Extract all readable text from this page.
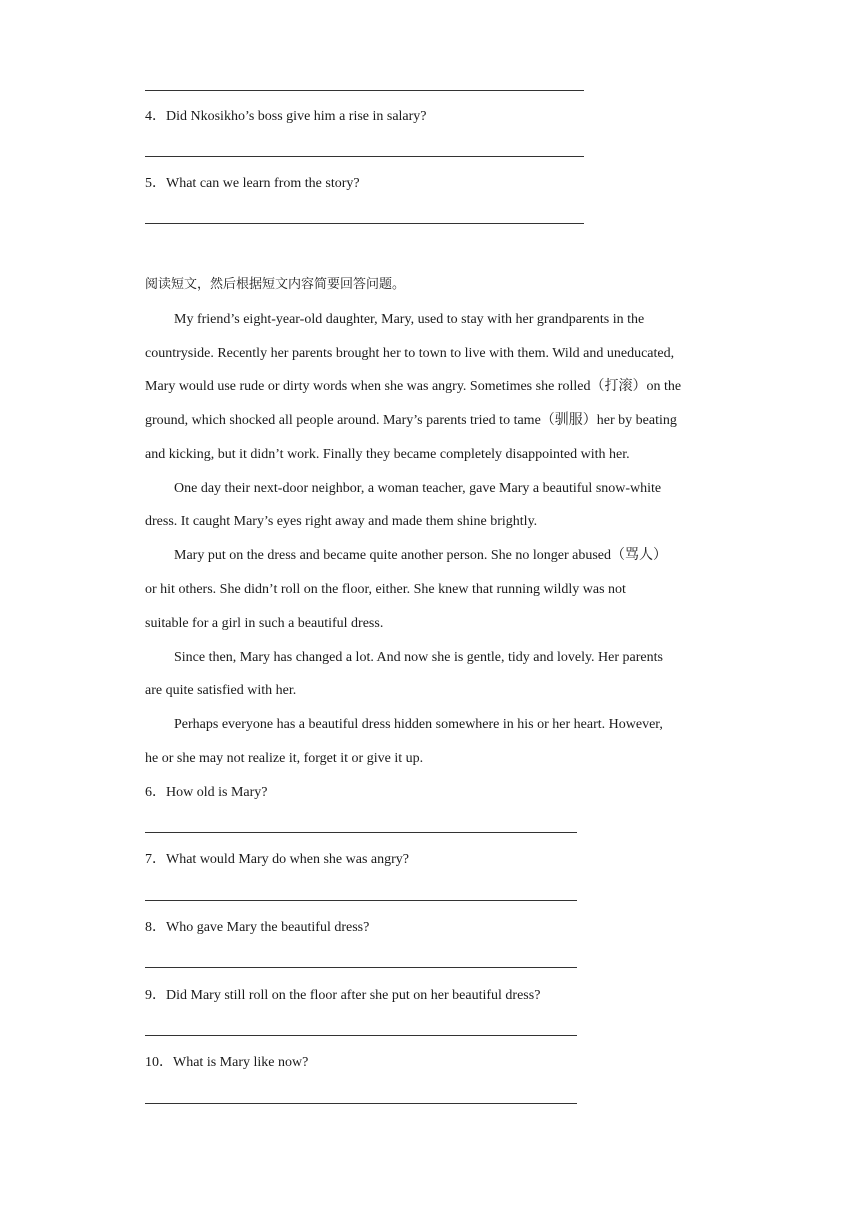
4．Did Nkosikho’s boss give him a rise in salary?
5．What can we learn from the story?
阅读短文，然后根据短文内容简要回答问题。
My friend’s eight-year-old daughter, Mary, used to stay with her grandparents in the
countryside. Recently her parents brought her to town to live with them. Wild and uneducated,
Mary would use rude or dirty words when she was angry. Sometimes she rolled（打滚）on the
ground, which shocked all people around. Mary’s parents tried to tame（驯服）her by beating
and kicking, but it didn’t work. Finally they became completely disappointed with her.
One day their next-door neighbor, a woman teacher, gave Mary a beautiful snow-white
dress. It caught Mary’s eyes right away and made them shine brightly.
Mary put on the dress and became quite another person. She no longer abused（骂人）
or hit others. She didn’t roll on the floor, either. She knew that running wildly was not
suitable for a girl in such a beautiful dress.
Since then, Mary has changed a lot. And now she is gentle, tidy and lovely. Her parents
are quite satisfied with her.
Perhaps everyone has a beautiful dress hidden somewhere in his or her heart. However,
he or she may not realize it, forget it or give it up.
6．How old is Mary?
7．What would Mary do when she was angry?
8．Who gave Mary the beautiful dress?
9．Did Mary still roll on the floor after she put on her beautiful dress?
10．What is Mary like now?
